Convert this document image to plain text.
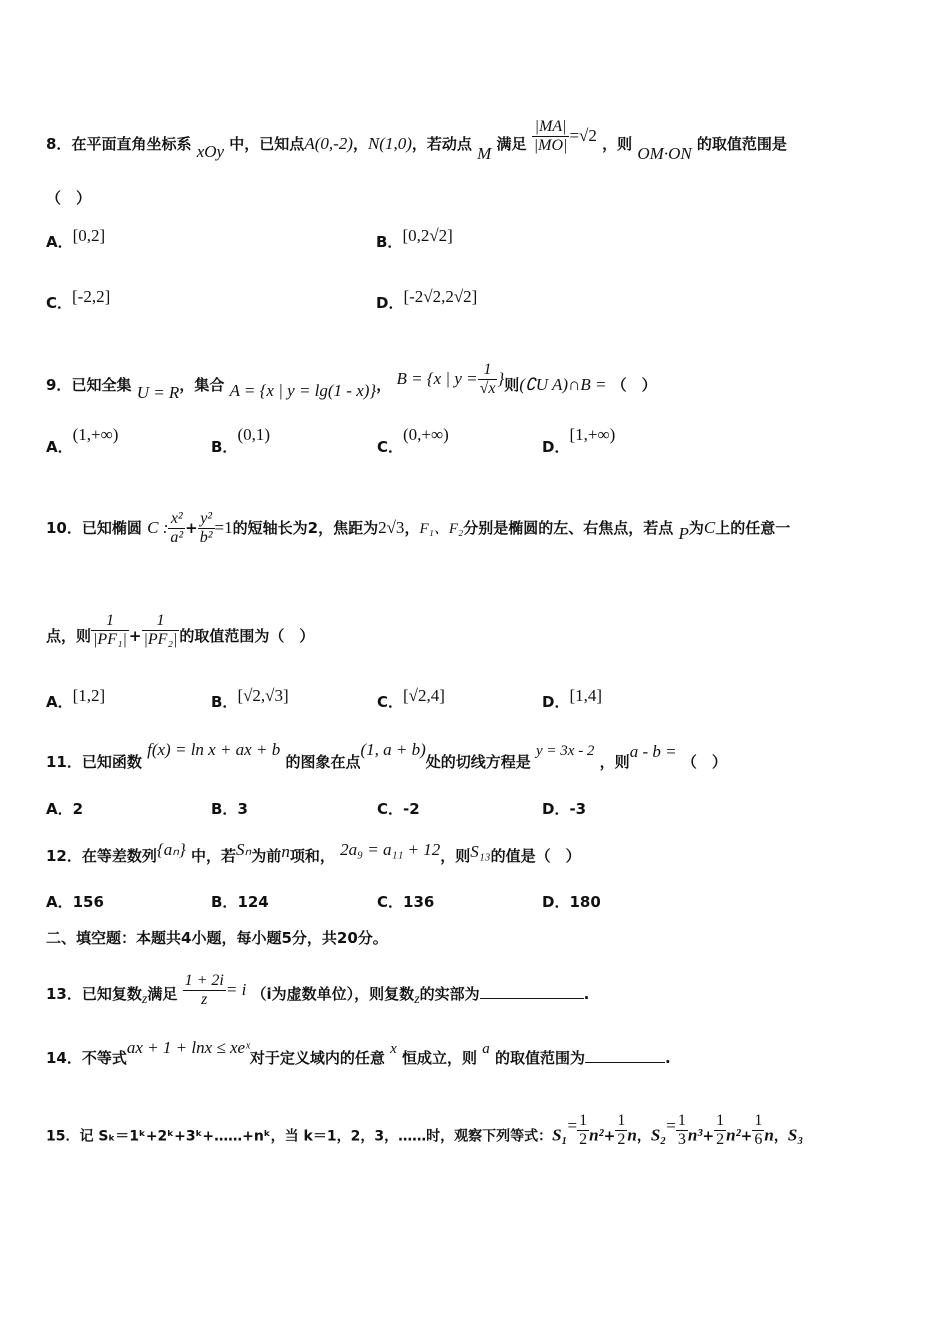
8．在平面直角坐标系 xOy 中，已知点A(0,-2)，N(1,0)，若动点 M 满足 $\frac{|MA|}{|MO|} =√2$ ，则 OM·ON 的取值范围是
（　）
A．[0,2]	B．[0,2√2]
C．[-2,2]	D．[-2√2,2√2]
9．已知全集 U = R，集合 A = {x | y = lg(1 - x)}， B = {x | $y = \frac{1}{√x}$ }则(∁U A)∩B = （　）
A．(1,+∞)
B．(0,1)
C．(0,+∞)
D．[1,+∞)
10．已知椭圆 C : $\frac{\text{x²}}{\text{a²}} + \frac{\text{y²}}{\text{b²}} =1$的短轴长为2，焦距为2√3，F₁、F₂分别是椭圆的左、右焦点，若点 P为C上的任意一
点，则 $\frac{1}{\text{|PF₁|}} + \frac{1}{\text{|PF₂|}}$ 的取值范围为（　）
A．[1,2]	B．[√2,√3]	C．[√2,4]	D．[1,4]
11．已知函数 f(x) = ln x + ax + b 的图象在点(1, a + b)处的切线方程是 y = 3x - 2 ，则a - b = （　）
A．2	B．3	C．-2	D．-3
12．在等差数列{aₙ} 中，若Sₙ为前n项和， 2a₉ = a₁₁ + 12，则S₁₃的值是（　）
A．156	B．124	C．136	D．180
二、填空题：本题共4小题，每小题5分，共20分。
13．已知复数z满足 $\frac{1 + 2i}{z} = i$ （i为虚数单位），则复数z的实部为	.
14．不等式ax + 1 + lnx ≤ xeˣ对于定义域内的任意 x 恒成立，则 a 的取值范围为	.
15．记 Sₖ＝1ᵏ+2ᵏ+3ᵏ+……+nᵏ，当 k＝1，2，3，……时，观察下列等式：$S_1= \frac{1}{2} n^2+ \frac{1}{2}$ n，$S_2= \frac{1}{3} n^3+ \frac{1}{2} n^2+ \frac{1}{6}$ n，S₃
